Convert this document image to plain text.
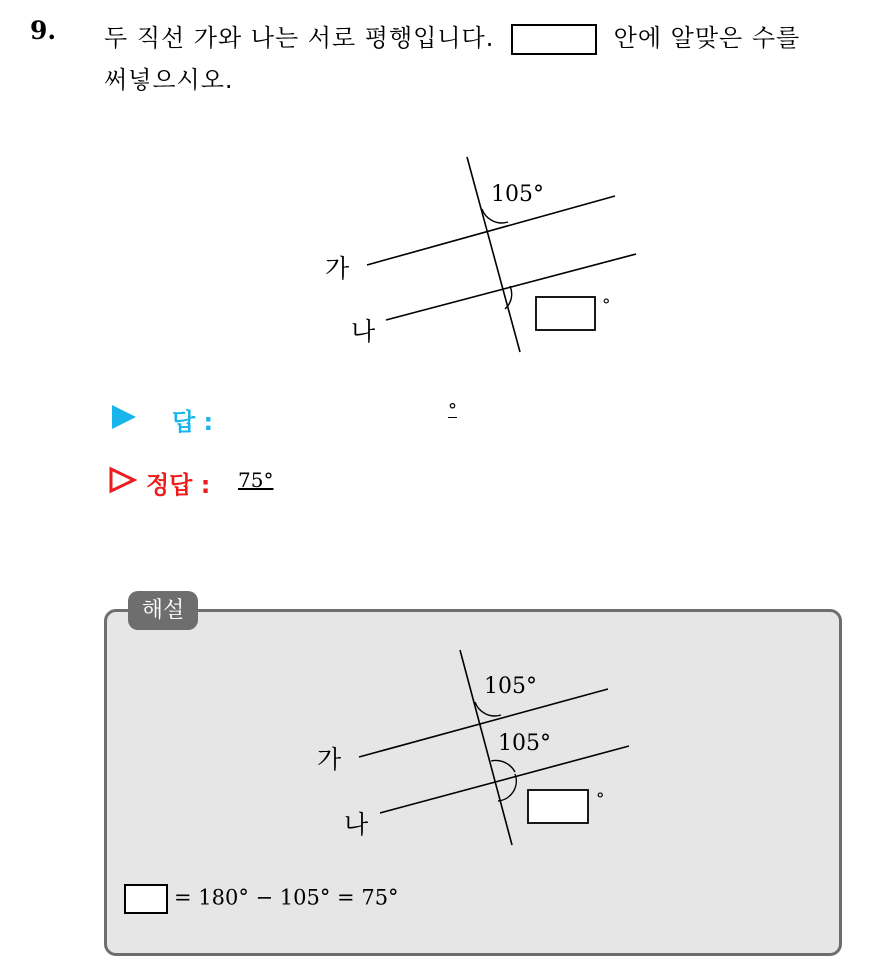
9. 두 직선 가와 나는 서로 평행입니다.	안에 알맞은 수를
써넣으시오.
105°
가
나
°
답 :	°
정답 : 75°
해설
105°
105°
가
나
°
= 180° − 105° = 75°
